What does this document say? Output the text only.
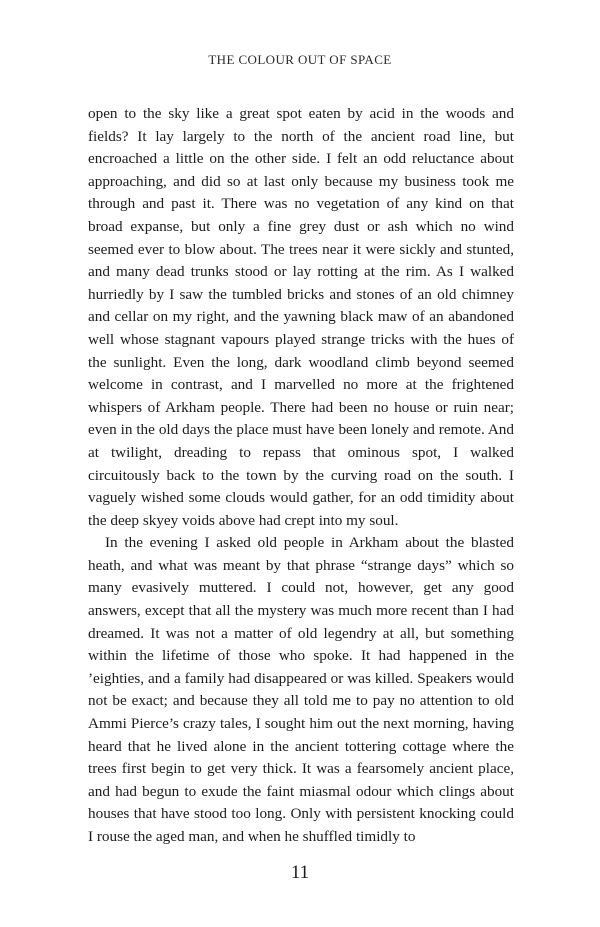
THE COLOUR OUT OF SPACE

open to the sky like a great spot eaten by acid in the woods and fields? It lay largely to the north of the ancient road line, but encroached a little on the other side. I felt an odd reluctance about approaching, and did so at last only because my business took me through and past it. There was no vegetation of any kind on that broad expanse, but only a fine grey dust or ash which no wind seemed ever to blow about. The trees near it were sickly and stunted, and many dead trunks stood or lay rotting at the rim. As I walked hurriedly by I saw the tumbled bricks and stones of an old chimney and cellar on my right, and the yawning black maw of an abandoned well whose stagnant vapours played strange tricks with the hues of the sunlight. Even the long, dark woodland climb beyond seemed welcome in contrast, and I marvelled no more at the frightened whispers of Arkham people. There had been no house or ruin near; even in the old days the place must have been lonely and remote. And at twilight, dreading to repass that ominous spot, I walked circuitously back to the town by the curving road on the south. I vaguely wished some clouds would gather, for an odd timidity about the deep skyey voids above had crept into my soul.

In the evening I asked old people in Arkham about the blasted heath, and what was meant by that phrase “strange days” which so many evasively muttered. I could not, however, get any good answers, except that all the mystery was much more recent than I had dreamed. It was not a matter of old legendry at all, but something within the lifetime of those who spoke. It had happened in the ’eighties, and a family had disappeared or was killed. Speakers would not be exact; and because they all told me to pay no attention to old Ammi Pierce’s crazy tales, I sought him out the next morning, having heard that he lived alone in the ancient tottering cottage where the trees first begin to get very thick. It was a fearsomely ancient place, and had begun to exude the faint miasmal odour which clings about houses that have stood too long. Only with persistent knocking could I rouse the aged man, and when he shuffled timidly to

11
